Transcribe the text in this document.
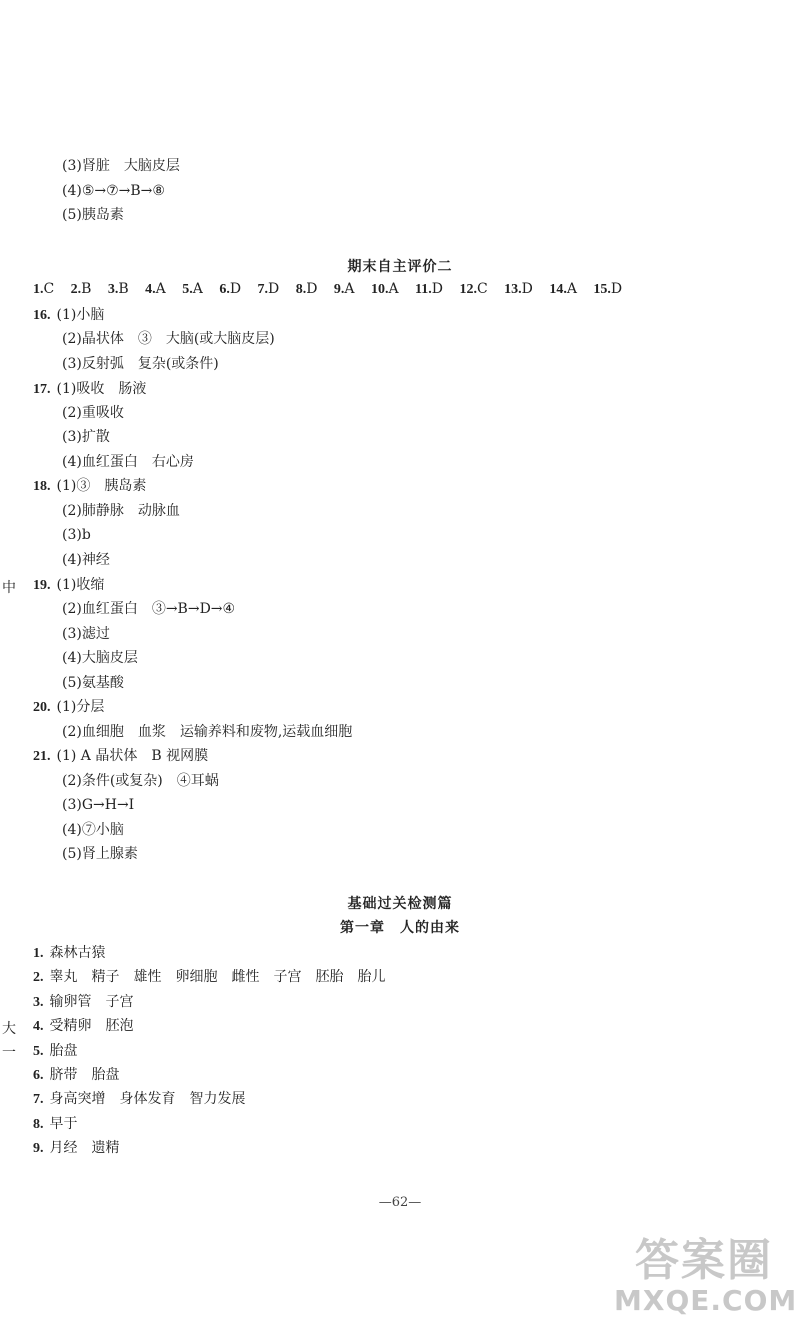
(3)肾脏　大脑皮层
(4)⑤→⑦→B→⑧
(5)胰岛素
期末自主评价二
1.C 2.B 3.B 4.A 5.A 6.D 7.D 8.D 9.A 10.A 11.D 12.C 13.D 14.A 15.D
16. (1)小脑
(2)晶状体　③　大脑(或大脑皮层)
(3)反射弧　复杂(或条件)
17. (1)吸收　肠液
(2)重吸收
(3)扩散
(4)血红蛋白　右心房
18. (1)③　胰岛素
(2)肺静脉　动脉血
(3)b
(4)神经
中 19. (1)收缩
(2)血红蛋白　③→B→D→④
(3)滤过
(4)大脑皮层
(5)氨基酸
20. (1)分层
(2)血细胞　血浆　运输养料和废物,运载血细胞
21. (1) A 晶状体　B 视网膜
(2)条件(或复杂)　④耳蜗
(3)G→H→I
(4)⑦小脑
(5)肾上腺素
基础过关检测篇
第一章　人的由来
1. 森林古猿
2. 睾丸　精子　雄性　卵细胞　雌性　子宫　胚胎　胎儿
3. 输卵管　子宫
大 4. 受精卵　胚泡
一 5. 胎盘
6. 脐带　胎盘
7. 身高突增　身体发育　智力发展
8. 早于
9. 月经　遗精
—62—
答案圈
MXQE.COM
